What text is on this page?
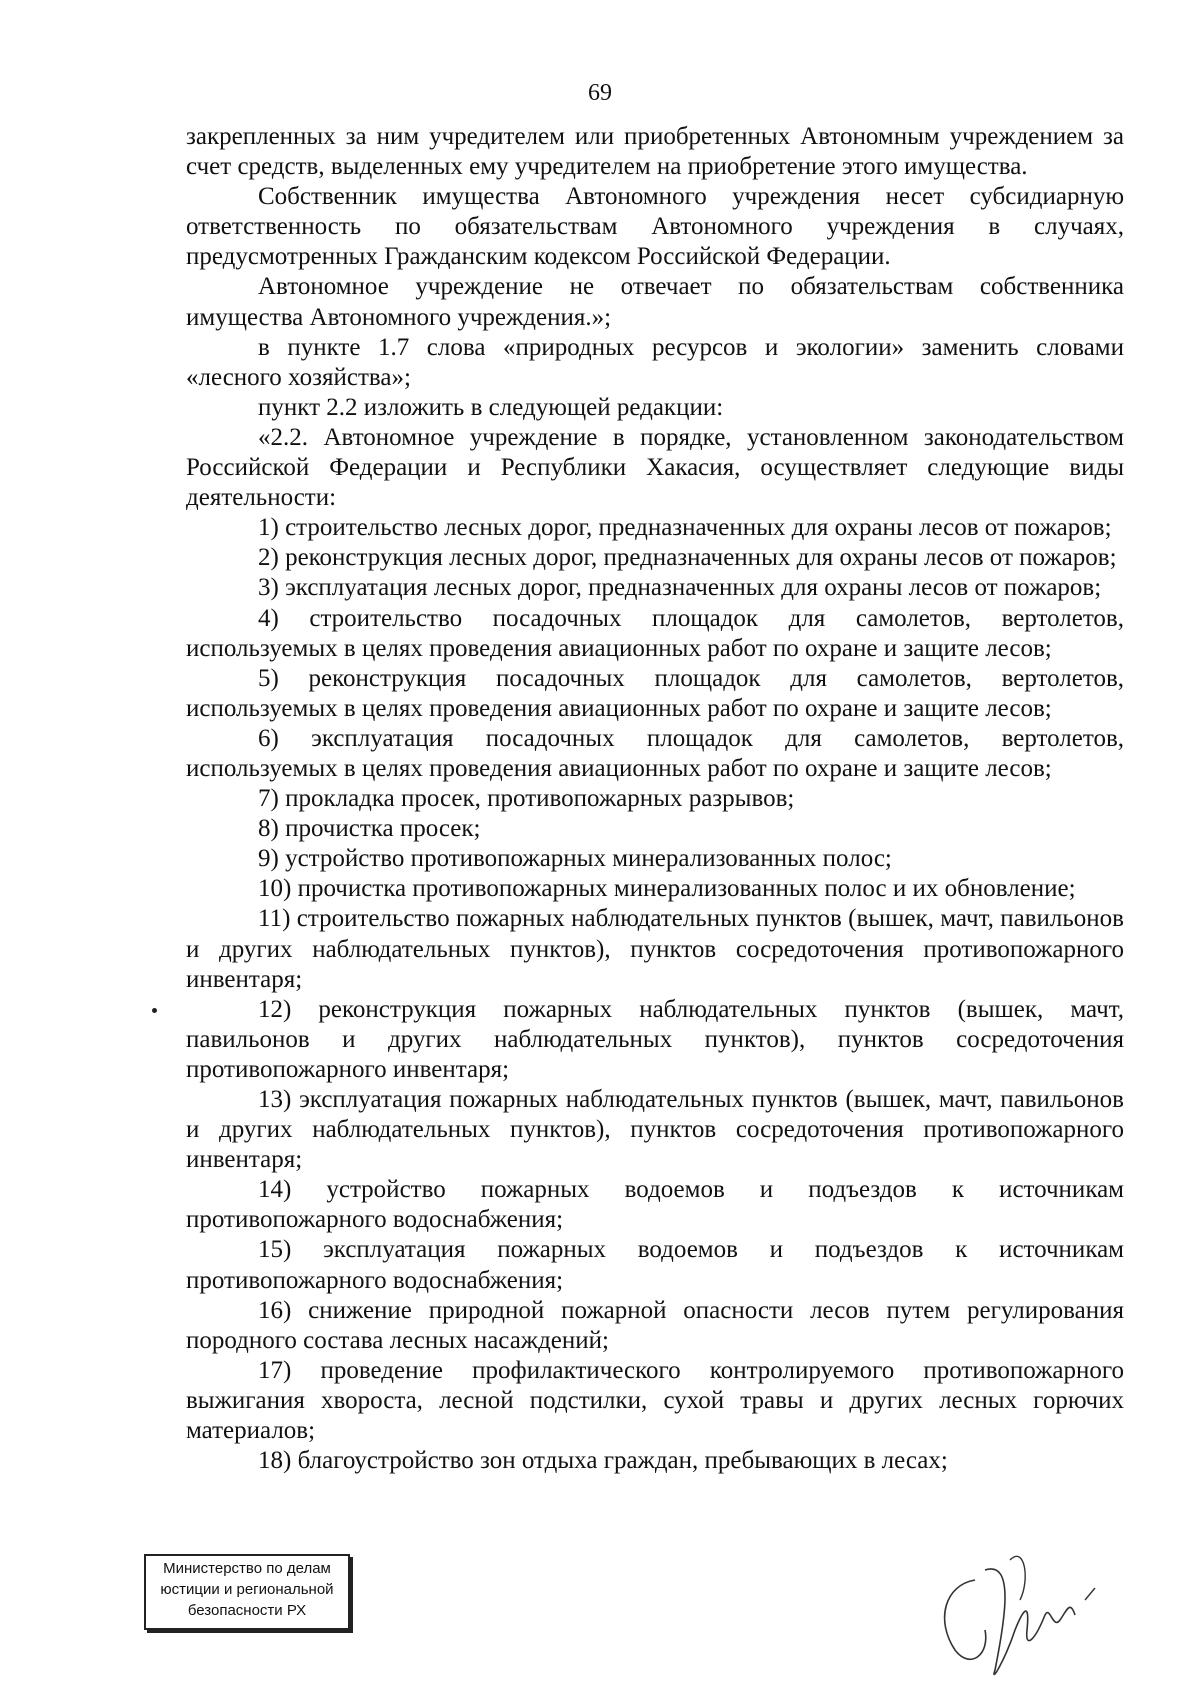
69

закрепленных за ним учредителем или приобретенных Автономным учреждением за счет средств, выделенных ему учредителем на приобретение этого имущества.

Собственник имущества Автономного учреждения несет субсидиарную ответственность по обязательствам Автономного учреждения в случаях, предусмотренных Гражданским кодексом Российской Федерации.

Автономное учреждение не отвечает по обязательствам собственника имущества Автономного учреждения.»;

в пункте 1.7 слова «природных ресурсов и экологии» заменить словами «лесного хозяйства»;

пункт 2.2 изложить в следующей редакции:

«2.2. Автономное учреждение в порядке, установленном законодательством Российской Федерации и Республики Хакасия, осуществляет следующие виды деятельности:

1) строительство лесных дорог, предназначенных для охраны лесов от пожаров;

2) реконструкция лесных дорог, предназначенных для охраны лесов от пожаров;

3) эксплуатация лесных дорог, предназначенных для охраны лесов от пожаров;

4) строительство посадочных площадок для самолетов, вертолетов, используемых в целях проведения авиационных работ по охране и защите лесов;

5) реконструкция посадочных площадок для самолетов, вертолетов, используемых в целях проведения авиационных работ по охране и защите лесов;

6) эксплуатация посадочных площадок для самолетов, вертолетов, используемых в целях проведения авиационных работ по охране и защите лесов;

7) прокладка просек, противопожарных разрывов;

8) прочистка просек;

9) устройство противопожарных минерализованных полос;

10) прочистка противопожарных минерализованных полос и их обновление;

11) строительство пожарных наблюдательных пунктов (вышек, мачт, павильонов и других наблюдательных пунктов), пунктов сосредоточения противопожарного инвентаря;

12) реконструкция пожарных наблюдательных пунктов (вышек, мачт, павильонов и других наблюдательных пунктов), пунктов сосредоточения противопожарного инвентаря;

13) эксплуатация пожарных наблюдательных пунктов (вышек, мачт, павильонов и других наблюдательных пунктов), пунктов сосредоточения противопожарного инвентаря;

14) устройство пожарных водоемов и подъездов к источникам противопожарного водоснабжения;

15) эксплуатация пожарных водоемов и подъездов к источникам противопожарного водоснабжения;

16) снижение природной пожарной опасности лесов путем регулирования породного состава лесных насаждений;

17) проведение профилактического контролируемого противопожарного выжигания хвороста, лесной подстилки, сухой травы и других лесных горючих материалов;

18) благоустройство зон отдыха граждан, пребывающих в лесах;

Министерство по делам
юстиции и региональной
безопасности РХ
